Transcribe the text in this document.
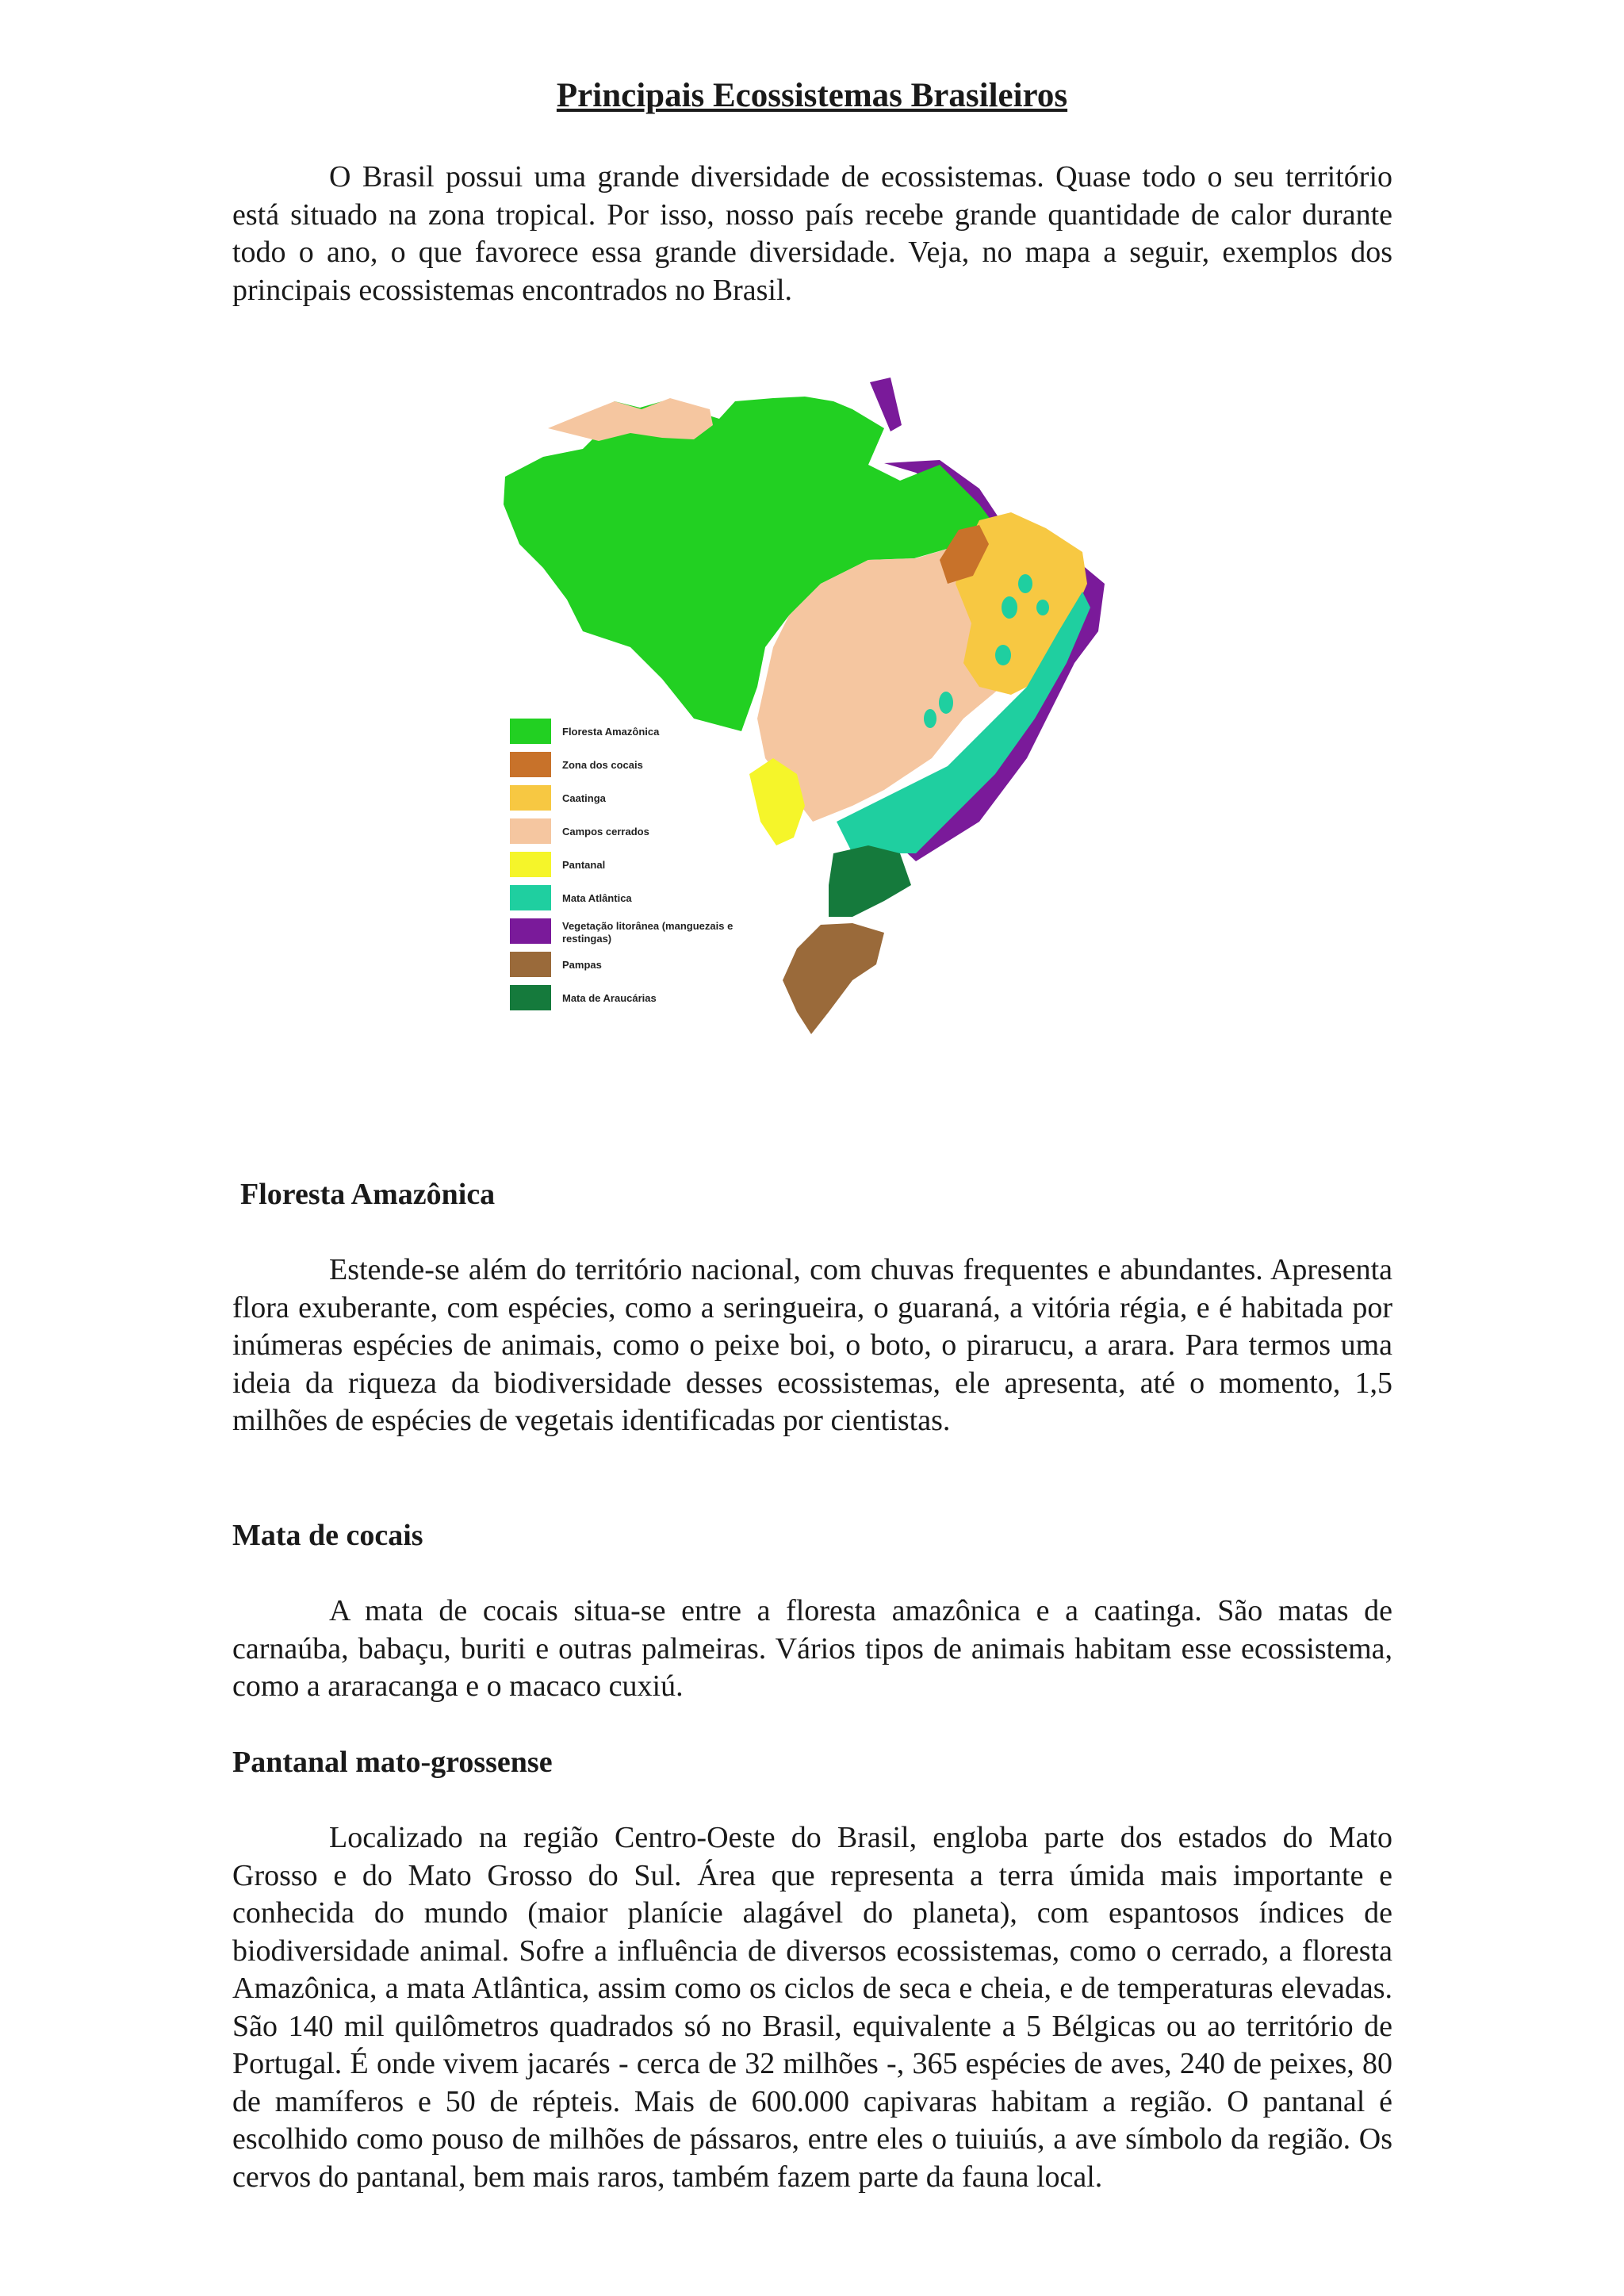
Principais Ecossistemas Brasileiros

O Brasil possui uma grande diversidade de ecossistemas. Quase todo o seu território está situado na zona tropical. Por isso, nosso país recebe grande quantidade de calor durante todo o ano, o que favorece essa grande diversidade. Veja, no mapa a seguir, exemplos dos principais ecossistemas encontrados no Brasil.

Floresta Amazônica
Zona dos cocais
Caatinga
Campos cerrados
Pantanal
Mata Atlântica
Vegetação litorânea (manguezais e
restingas)
Pampas
Mata de Araucárias
Floresta Amazônica

Estende-se além do território nacional, com chuvas frequentes e abundantes. Apresenta flora exuberante, com espécies, como a seringueira, o guaraná, a vitória régia, e é habitada por inúmeras espécies de animais, como o peixe boi, o boto, o pirarucu, a arara. Para termos uma ideia da riqueza da biodiversidade desses ecossistemas, ele apresenta, até o momento, 1,5 milhões de espécies de vegetais identificadas por cientistas.

Mata de cocais

A mata de cocais situa-se entre a floresta amazônica e a caatinga. São matas de carnaúba, babaçu, buriti e outras palmeiras. Vários tipos de animais habitam esse ecossistema, como a araracanga e o macaco cuxiú.

Pantanal mato-grossense

Localizado na região Centro-Oeste do Brasil, engloba parte dos estados do Mato Grosso e do Mato Grosso do Sul. Área que representa a terra úmida mais importante e conhecida do mundo (maior planície alagável do planeta), com espantosos índices de biodiversidade animal. Sofre a influência de diversos ecossistemas, como o cerrado, a floresta Amazônica, a mata Atlântica, assim como os ciclos de seca e cheia, e de temperaturas elevadas. São 140 mil quilômetros quadrados só no Brasil, equivalente a 5 Bélgicas ou ao território de Portugal. É onde vivem jacarés - cerca de 32 milhões -, 365 espécies de aves, 240 de peixes, 80 de mamíferos e 50 de répteis. Mais de 600.000 capivaras habitam a região. O pantanal é escolhido como pouso de milhões de pássaros, entre eles o tuiuiús, a ave símbolo da região. Os cervos do pantanal, bem mais raros, também fazem parte da fauna local.
